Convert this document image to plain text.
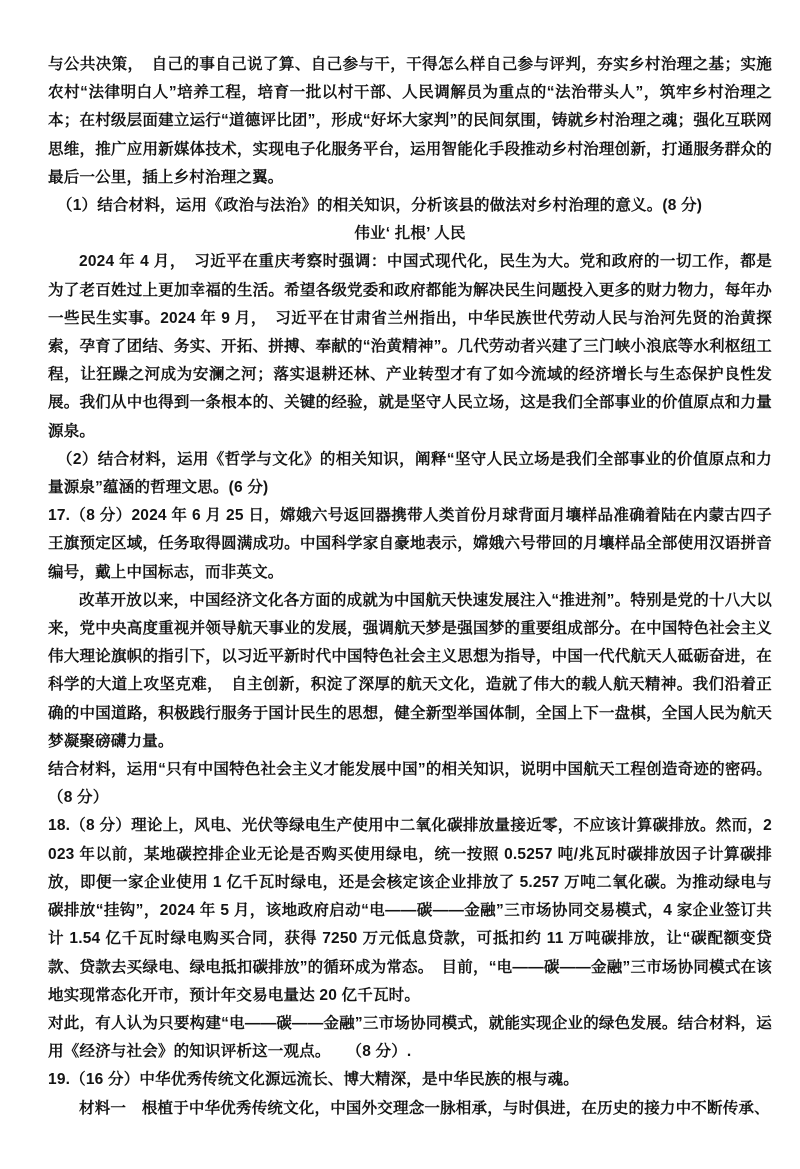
与公共决策，　自己的事自己说了算、自己参与干，干得怎么样自己参与评判，夯实乡村治理之基；实施农村“法律明白人”培养工程，培育一批以村干部、人民调解员为重点的“法治带头人”，筑牢乡村治理之本；在村级层面建立运行“道德评比团”，形成“好坏大家判”的民间氛围，铸就乡村治理之魂；强化互联网思维，推广应用新媒体技术，实现电子化服务平台，运用智能化手段推动乡村治理创新，打通服务群众的最后一公里，插上乡村治理之翼。

（1）结合材料，运用《政治与法治》的相关知识，分析该县的做法对乡村治理的意义。(8 分)

伟业‘ 扎根’ 人民

2024 年 4 月，　习近平在重庆考察时强调：中国式现代化，民生为大。党和政府的一切工作，都是为了老百姓过上更加幸福的生活。希望各级党委和政府都能为解决民生问题投入更多的财力物力，每年办一些民生实事。2024 年 9 月，　习近平在甘肃省兰州指出，中华民族世代劳动人民与治河先贤的治黄探索，孕育了团结、务实、开拓、拼搏、奉献的“治黄精神”。几代劳动者兴建了三门峡小浪底等水利枢纽工程，让狂躁之河成为安澜之河；落实退耕还林、产业转型才有了如今流域的经济增长与生态保护良性发展。我们从中也得到一条根本的、关键的经验，就是坚守人民立场，这是我们全部事业的价值原点和力量源泉。

（2）结合材料，运用《哲学与文化》的相关知识，阐释“坚守人民立场是我们全部事业的价值原点和力量源泉”蕴涵的哲理文思。(6 分)

17.（8 分）2024 年 6 月 25 日，嫦娥六号返回器携带人类首份月球背面月壤样品准确着陆在内蒙古四子王旗预定区域，任务取得圆满成功。中国科学家自豪地表示，嫦娥六号带回的月壤样品全部使用汉语拼音编号，戴上中国标志，而非英文。

改革开放以来，中国经济文化各方面的成就为中国航天快速发展注入“推进剂”。特别是党的十八大以来，党中央高度重视并领导航天事业的发展，强调航天梦是强国梦的重要组成部分。在中国特色社会主义伟大理论旗帜的指引下，以习近平新时代中国特色社会主义思想为指导，中国一代代航天人砥砺奋进，在科学的大道上攻坚克难，　自主创新，积淀了深厚的航天文化，造就了伟大的载人航天精神。我们沿着正确的中国道路，积极践行服务于国计民生的思想，健全新型举国体制，全国上下一盘棋，全国人民为航天梦凝聚磅礴力量。

结合材料，运用“只有中国特色社会主义才能发展中国”的相关知识，说明中国航天工程创造奇迹的密码。（8 分）

18.（8 分）理论上，风电、光伏等绿电生产使用中二氧化碳排放量接近零，不应该计算碳排放。然而，2023 年以前，某地碳控排企业无论是否购买使用绿电，统一按照 0.5257 吨/兆瓦时碳排放因子计算碳排放，即便一家企业使用 1 亿千瓦时绿电，还是会核定该企业排放了 5.257 万吨二氧化碳。为推动绿电与碳排放“挂钩”，2024 年 5 月，该地政府启动“电——碳——金融”三市场协同交易模式，4 家企业签订共计 1.54 亿千瓦时绿电购买合同，获得 7250 万元低息贷款，可抵扣约 11 万吨碳排放，让“碳配额变贷款、贷款去买绿电、绿电抵扣碳排放”的循环成为常态。　目前，“电——碳——金融”三市场协同模式在该地实现常态化开市，预计年交易电量达 20 亿千瓦时。

对此，有人认为只要构建“电——碳——金融”三市场协同模式，就能实现企业的绿色发展。结合材料，运用《经济与社会》的知识评析这一观点。　　（8 分）.

19.（16 分）中华优秀传统文化源远流长、博大精深，是中华民族的根与魂。

材料一　根植于中华优秀传统文化，中国外交理念一脉相承，与时俱进，在历史的接力中不断传承、
